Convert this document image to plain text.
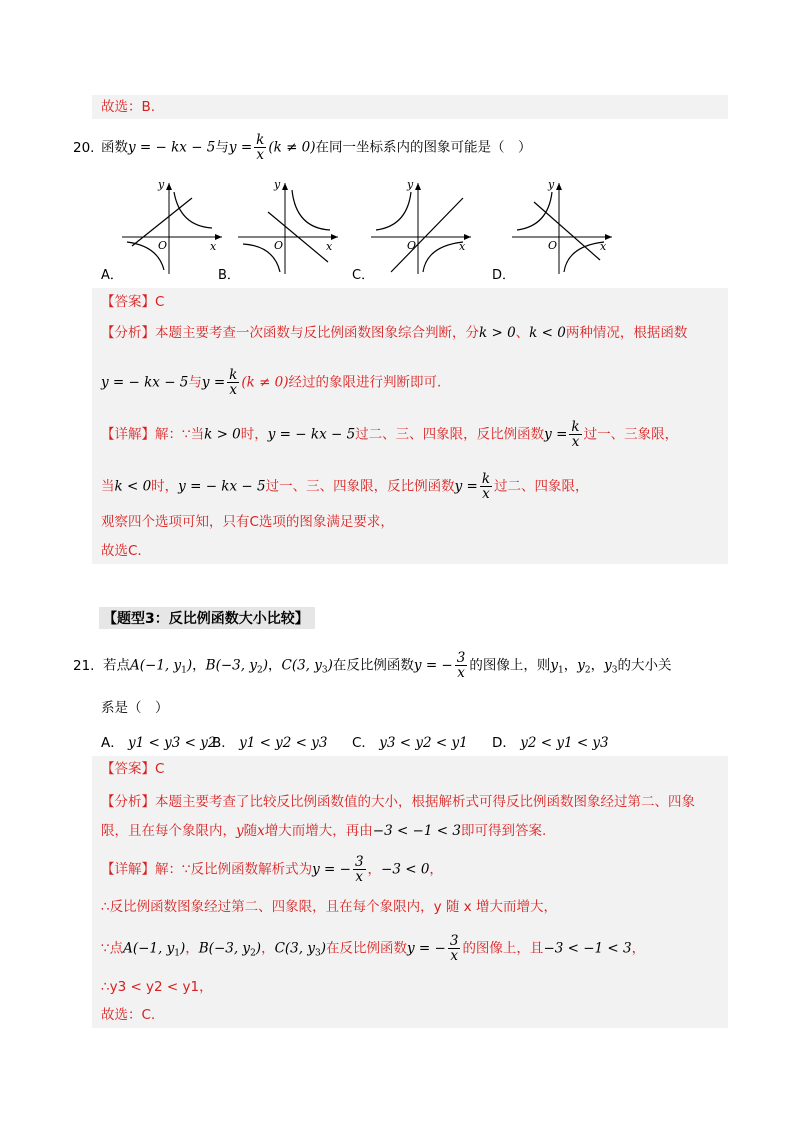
故选：B.
20. 函数y = − kx − 5与$y = \frac{k}{x} (k \ne 0)$在同一坐标系内的图象可能是（　）
y
x
O
A．
y
x
O
B．
y
x
O
C．
y
x
O
D．
【答案】C
【分析】本题主要考查一次函数与反比例函数图象综合判断，分k > 0、k < 0两种情况，根据函数
y = − kx − 5与$y = \frac{k}{x} (k \ne 0)$经过的象限进行判断即可.
【详解】解：∵当k > 0时，y = − kx − 5过二、三、四象限，反比例函数$y = \frac{k}{x}$ 过一、三象限，
当k < 0时，y = − kx − 5过一、三、四象限，反比例函数$y = \frac{k}{x}$ 过二、四象限，
观察四个选项可知，只有C选项的图象满足要求，
故选C.
【题型3：反比例函数大小比较】
21. 若点A(−1, $y_1$)，B(−3, $y_2$)，C(3, $y_3$)在反比例函数y = − $\frac{3}{x}$ 的图像上，则$y_1$，$y_2$，$y_3$的大小关
系是（　）
A． y1 < y3 < y2
B． y1 < y2 < y3 C． y3 < y2 < y1 D． y2 < y1 < y3
【答案】C
【分析】本题主要考查了比较反比例函数值的大小，根据解析式可得反比例函数图象经过第二、四象
限，且在每个象限内，y随x增大而增大，再由−3 < −1 < 3即可得到答案.
【详解】解：∵反比例函数解析式为y = − $\frac{3}{x}$ ，−3 < 0，
∴反比例函数图象经过第二、四象限，且在每个象限内，y 随 x 增大而增大，
∵点A(−1, $y_1$)，B(−3, $y_2$)，C(3, $y_3$)在反比例函数y = − $\frac{3}{x}$ 的图像上，且−3 < −1 < 3，
∴y3 < y2 < y1，
故选：C.
